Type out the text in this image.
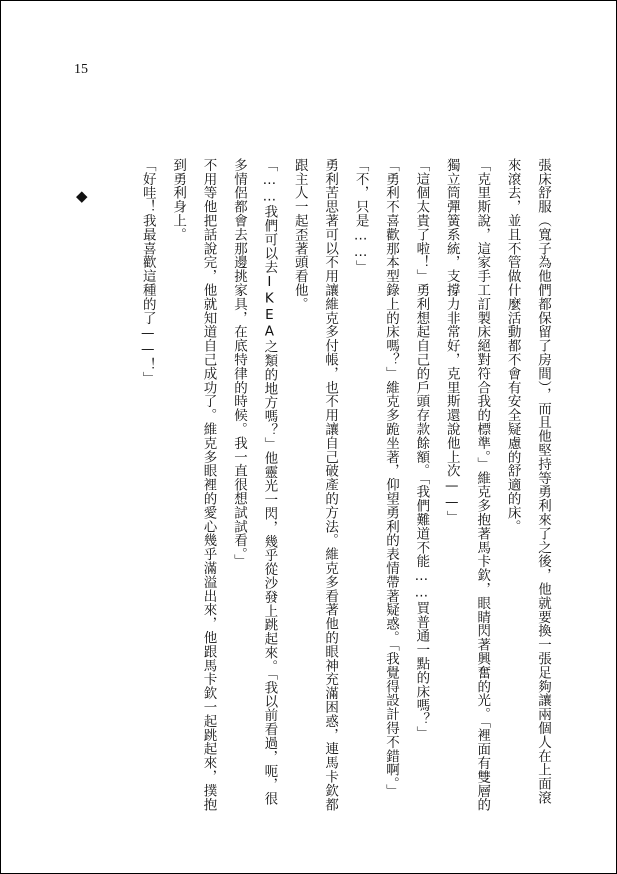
15
◆	張床舒服（寬子為他們都保留了房間），而且他堅持等勇利來了之後，他就要換一張足夠讓兩個人在上面滾來滾去，並且不管做什麼活動都不會有安全疑慮的舒適的床。

「克里斯說，這家手工訂製床絕對符合我的標準。」維克多抱著馬卡欽，眼睛閃著興奮的光。「裡面有雙層的獨立筒彈簧系統，支撐力非常好，克里斯還說他上次——」

「這個太貴了啦！」勇利想起自己的戶頭存款餘額。「我們難道不能……買普通一點的床嗎？」

「勇利不喜歡那本型錄上的床嗎？」維克多跪坐著，仰望勇利的表情帶著疑惑。「我覺得設計得不錯啊。」

「不，只是……」

勇利苦思著可以不用讓維克多付帳，也不用讓自己破產的方法。維克多看著他的眼神充滿困惑，連馬卡欽都跟主人一起歪著頭看他。

「……我們可以去IKEA之類的地方嗎？」他靈光一閃，幾乎從沙發上跳起來。「我以前看過，呃，很多情侶都會去那邊挑家具，在底特律的時候。我一直很想試試看。」

不用等他把話說完，他就知道自己成功了。維克多眼裡的愛心幾乎滿溢出來，他跟馬卡欽一起跳起來，撲抱到勇利身上。

「好哇！我最喜歡這種的了——！」
